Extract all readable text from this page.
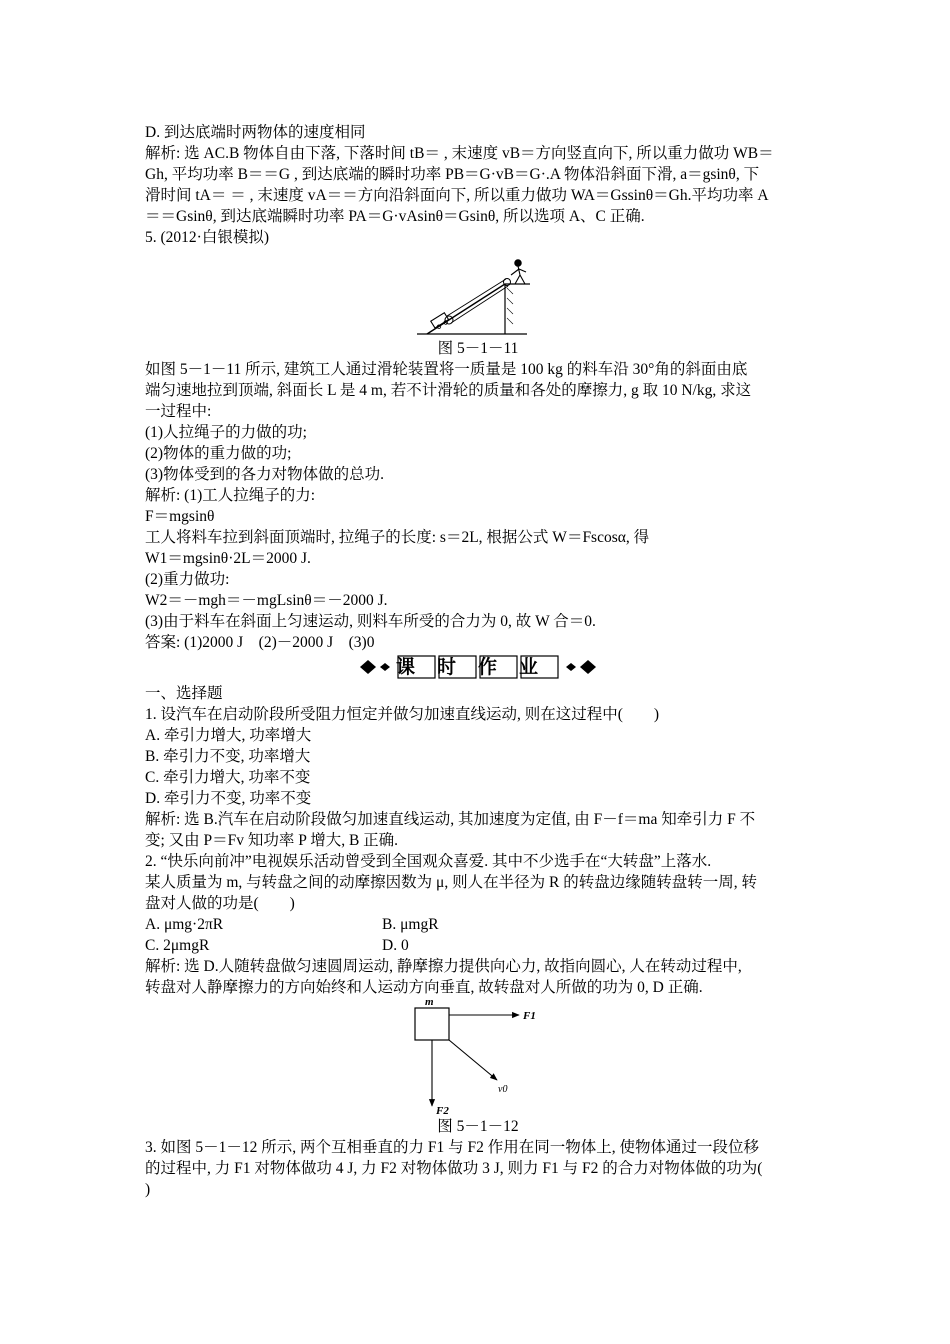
D. 到达底端时两物体的速度相同
解析: 选 AC.B 物体自由下落, 下落时间 tB＝ , 末速度 vB＝方向竖直向下, 所以重力做功 WB＝
Gh, 平均功率 B＝＝G , 到达底端的瞬时功率 PB＝G·vB＝G·.A 物体沿斜面下滑, a＝gsinθ, 下
滑时间 tA＝ ＝ , 末速度 vA＝＝方向沿斜面向下, 所以重力做功 WA＝Gssinθ＝Gh.平均功率 A
＝＝Gsinθ, 到达底端瞬时功率 PA＝G·vAsinθ＝Gsinθ, 所以选项 A、C 正确.
5. (2012·白银模拟)
图 5－1－11
如图 5－1－11 所示, 建筑工人通过滑轮装置将一质量是 100 kg 的料车沿 30°角的斜面由底
端匀速地拉到顶端, 斜面长 L 是 4 m, 若不计滑轮的质量和各处的摩擦力, g 取 10 N/kg, 求这
一过程中:
(1)人拉绳子的力做的功;
(2)物体的重力做的功;
(3)物体受到的各力对物体做的总功.
解析: (1)工人拉绳子的力:
F＝mgsinθ
工人将料车拉到斜面顶端时, 拉绳子的长度: s＝2L, 根据公式 W＝Fscosα, 得
W1＝mgsinθ·2L＝2000 J.
(2)重力做功:
W2＝－mgh＝－mgLsinθ＝－2000 J.
(3)由于料车在斜面上匀速运动, 则料车所受的合力为 0, 故 W 合＝0.
答案: (1)2000 J　(2)－2000 J　(3)0
课时作业
一、选择题
1. 设汽车在启动阶段所受阻力恒定并做匀加速直线运动, 则在这过程中(　　)
A. 牵引力增大, 功率增大
B. 牵引力不变, 功率增大
C. 牵引力增大, 功率不变
D. 牵引力不变, 功率不变
解析: 选 B.汽车在启动阶段做匀加速直线运动, 其加速度为定值, 由 F－f＝ma 知牵引力 F 不
变; 又由 P＝Fv 知功率 P 增大, B 正确.
2. “快乐向前冲”电视娱乐活动曾受到全国观众喜爱. 其中不少选手在“大转盘”上落水.
某人质量为 m, 与转盘之间的动摩擦因数为 μ, 则人在半径为 R 的转盘边缘随转盘转一周, 转
盘对人做的功是(　　)
A. μmg·2πR	B. μmgR
C. 2μmgR	D. 0
解析: 选 D.人随转盘做匀速圆周运动, 静摩擦力提供向心力, 故指向圆心, 人在转动过程中,
转盘对人静摩擦力的方向始终和人运动方向垂直, 故转盘对人所做的功为 0, D 正确.
m
F1
v0
F2
图 5－1－12
3. 如图 5－1－12 所示, 两个互相垂直的力 F1 与 F2 作用在同一物体上, 使物体通过一段位移
的过程中, 力 F1 对物体做功 4 J, 力 F2 对物体做功 3 J, 则力 F1 与 F2 的合力对物体做的功为(
)
